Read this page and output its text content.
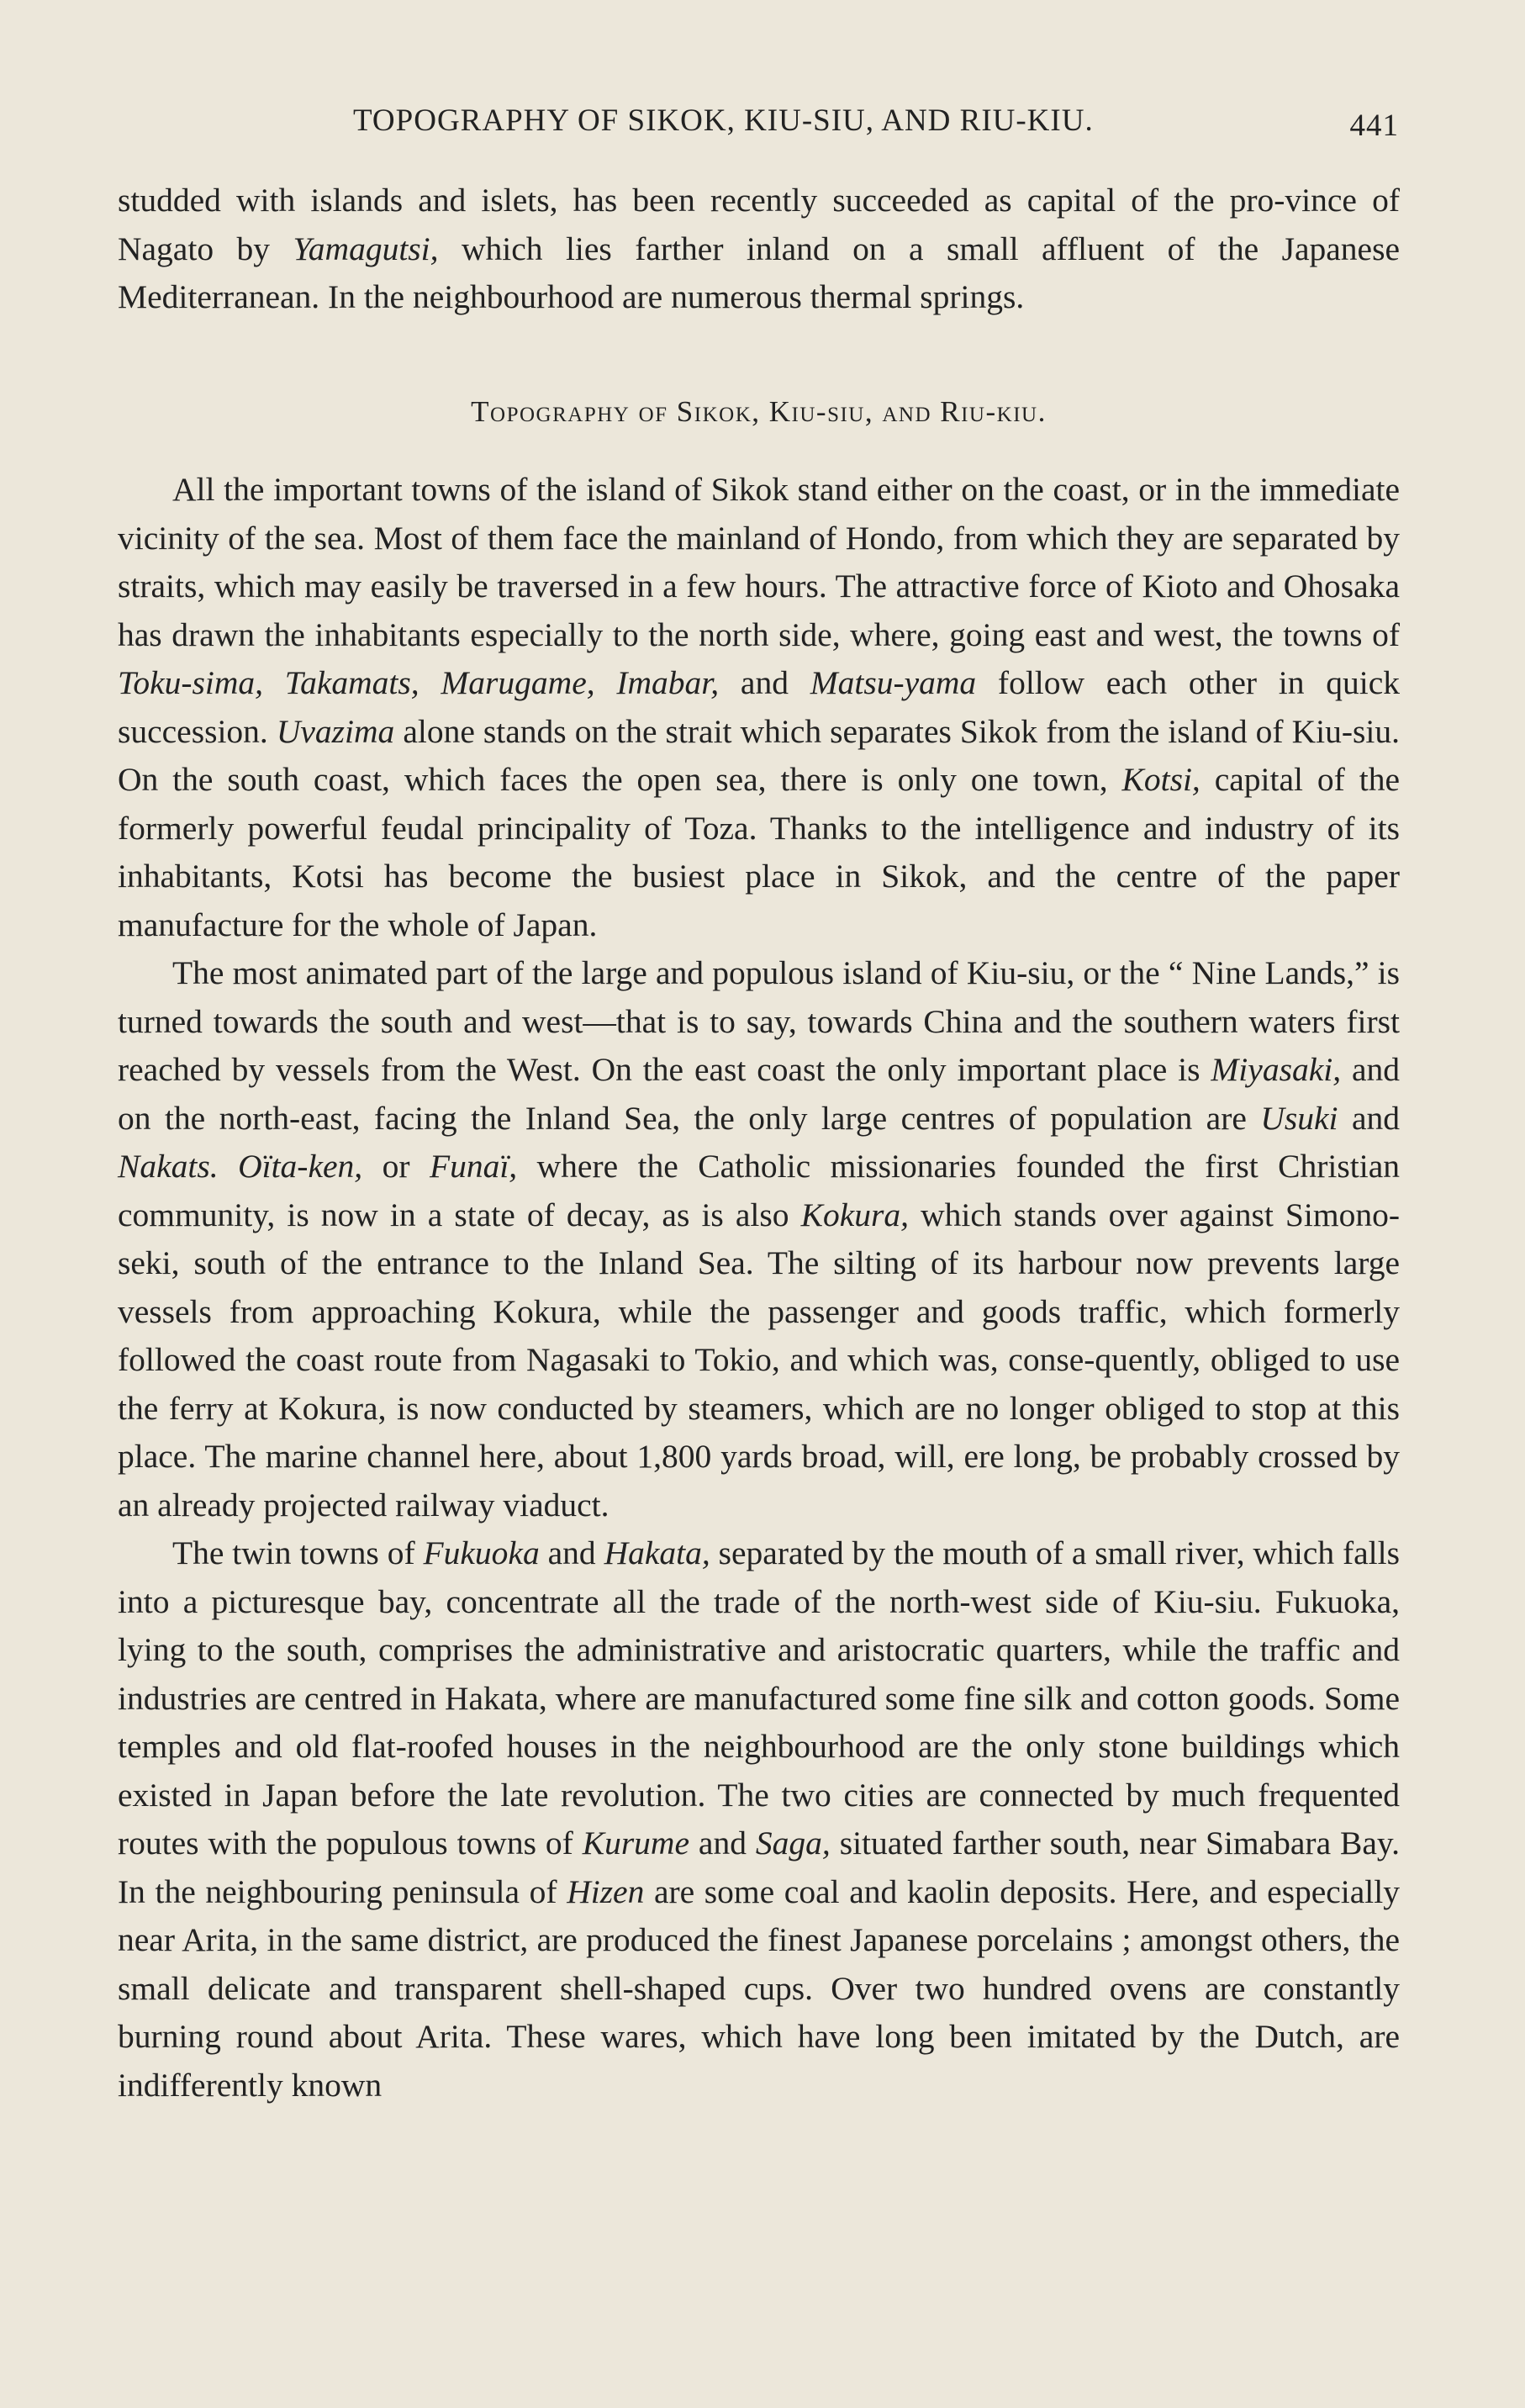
TOPOGRAPHY OF SIKOK, KIU-SIU, AND RIU-KIU.	441

studded with islands and islets, has been recently succeeded as capital of the pro-vince of Nagato by Yamagutsi, which lies farther inland on a small affluent of the Japanese Mediterranean. In the neighbourhood are numerous thermal springs.

Topography of Sikok, Kiu-siu, and Riu-kiu.

All the important towns of the island of Sikok stand either on the coast, or in the immediate vicinity of the sea. Most of them face the mainland of Hondo, from which they are separated by straits, which may easily be traversed in a few hours. The attractive force of Kioto and Ohosaka has drawn the inhabitants especially to the north side, where, going east and west, the towns of Toku-sima, Takamats, Marugame, Imabar, and Matsu-yama follow each other in quick succession. Uvazima alone stands on the strait which separates Sikok from the island of Kiu-siu. On the south coast, which faces the open sea, there is only one town, Kotsi, capital of the formerly powerful feudal principality of Toza. Thanks to the intelligence and industry of its inhabitants, Kotsi has become the busiest place in Sikok, and the centre of the paper manufacture for the whole of Japan.

The most animated part of the large and populous island of Kiu-siu, or the “ Nine Lands,” is turned towards the south and west—that is to say, towards China and the southern waters first reached by vessels from the West. On the east coast the only important place is Miyasaki, and on the north-east, facing the Inland Sea, the only large centres of population are Usuki and Nakats. Oïta-ken, or Funaï, where the Catholic missionaries founded the first Christian community, is now in a state of decay, as is also Kokura, which stands over against Simono-seki, south of the entrance to the Inland Sea. The silting of its harbour now prevents large vessels from approaching Kokura, while the passenger and goods traffic, which formerly followed the coast route from Nagasaki to Tokio, and which was, conse-quently, obliged to use the ferry at Kokura, is now conducted by steamers, which are no longer obliged to stop at this place. The marine channel here, about 1,800 yards broad, will, ere long, be probably crossed by an already projected railway viaduct.

The twin towns of Fukuoka and Hakata, separated by the mouth of a small river, which falls into a picturesque bay, concentrate all the trade of the north-west side of Kiu-siu. Fukuoka, lying to the south, comprises the administrative and aristocratic quarters, while the traffic and industries are centred in Hakata, where are manufactured some fine silk and cotton goods. Some temples and old flat-roofed houses in the neighbourhood are the only stone buildings which existed in Japan before the late revolution. The two cities are connected by much frequented routes with the populous towns of Kurume and Saga, situated farther south, near Simabara Bay. In the neighbouring peninsula of Hizen are some coal and kaolin deposits. Here, and especially near Arita, in the same district, are produced the finest Japanese porcelains ; amongst others, the small delicate and transparent shell-shaped cups. Over two hundred ovens are constantly burning round about Arita. These wares, which have long been imitated by the Dutch, are indifferently known
